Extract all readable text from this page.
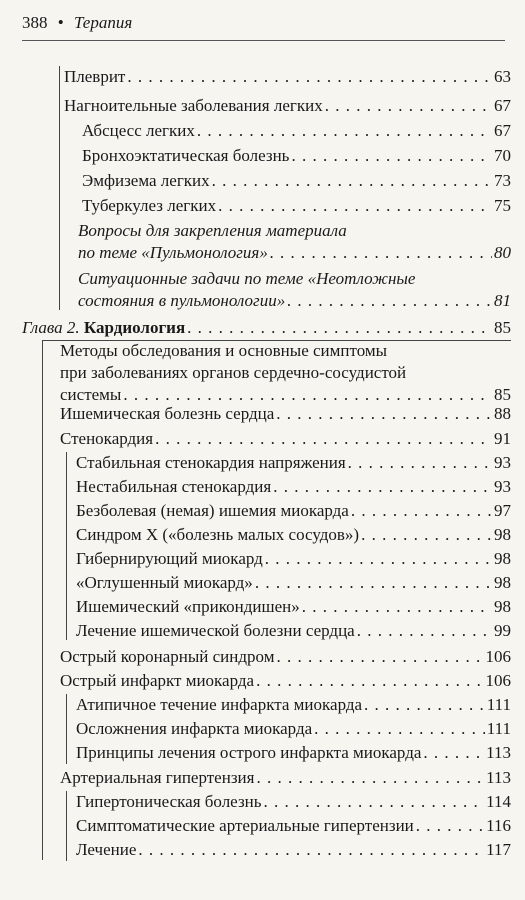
388 • Терапия
Плеврит . . .	63
Нагноительные заболевания легких . . .	67
Абсцесс легких . . .	67
Бронхоэктатическая болезнь . . .	70
Эмфизема легких . . .	73
Туберкулез легких . . .	75
Вопросы для закрепления материала
по теме «Пульмонология» . . .	80
Ситуационные задачи по теме «Неотложные
состояния в пульмонологии» . . .	81
Глава 2. Кардиология . . .	85
Методы обследования и основные симптомы
при заболеваниях органов сердечно-сосудистой
системы . . .	85
Ишемическая болезнь сердца . . .	88
Стенокардия . . .	91
Стабильная стенокардия напряжения . . .	93
Нестабильная стенокардия . . .	93
Безболевая (немая) ишемия миокарда . . .	97
Синдром Х («болезнь малых сосудов») . . .	98
Гибернирующий миокард . . .	98
«Оглушенный миокард» . . .	98
Ишемический «прикондишен» . . .	98
Лечение ишемической болезни сердца . . .	99
Острый коронарный синдром . . .	106
Острый инфаркт миокарда . . .	106
Атипичное течение инфаркта миокарда . . .	111
Осложнения инфаркта миокарда . . .	111
Принципы лечения острого инфаркта миокарда . . .	113
Артериальная гипертензия . . .	113
Гипертоническая болезнь . . .	114
Симптоматические артериальные гипертензии . . .	116
Лечение . . .	117
